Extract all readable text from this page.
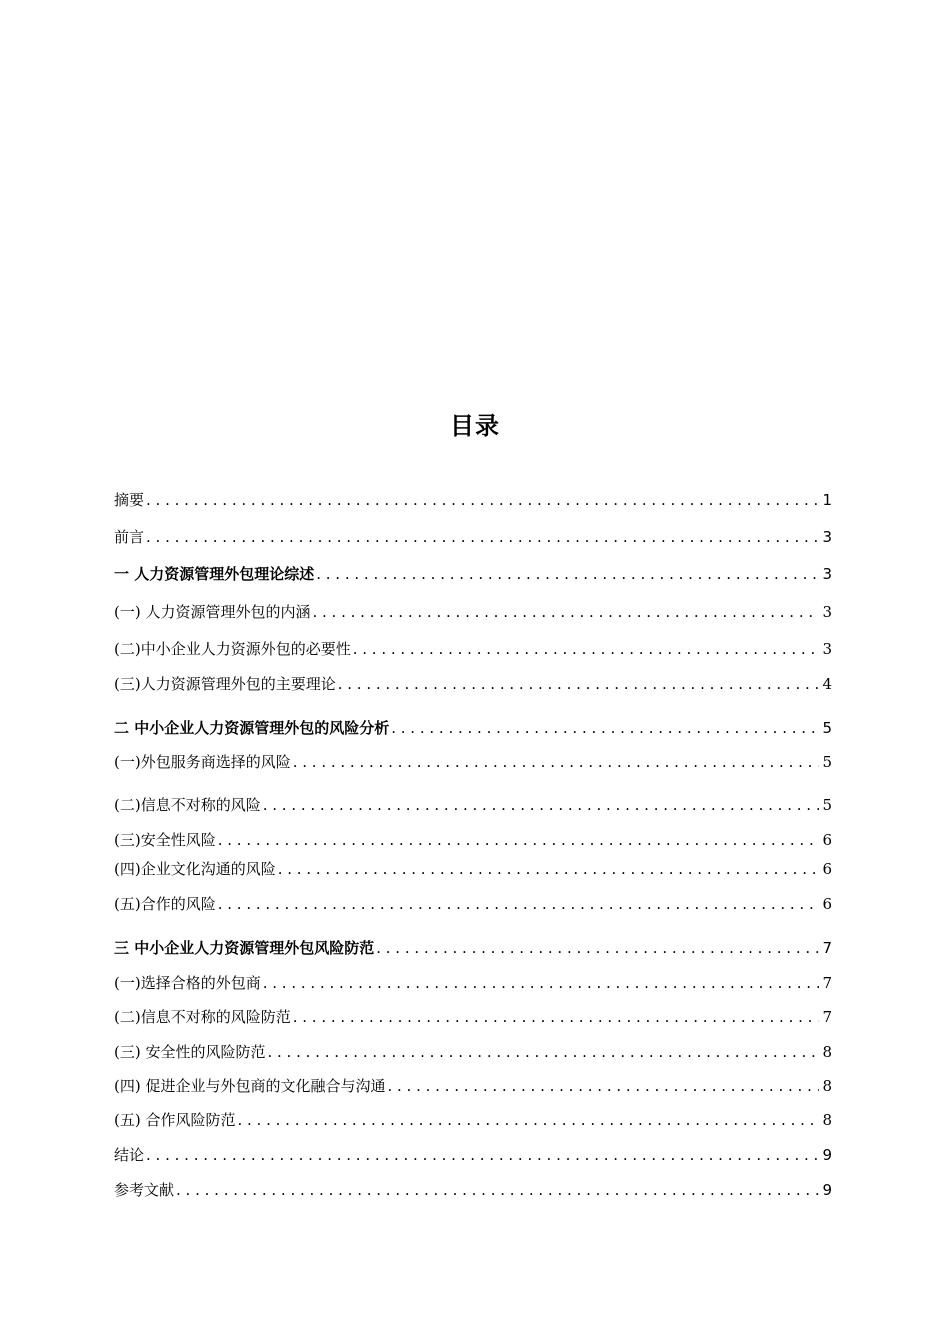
目录
摘要 . . .	1
前言 . . .	3
一 人力资源管理外包理论综述 . . .	3
(一) 人力资源管理外包的内涵 . . .	3
(二)中小企业人力资源外包的必要性 . . .	3
(三)人力资源管理外包的主要理论 . . .	4
二 中小企业人力资源管理外包的风险分析 . . .	5
(一)外包服务商选择的风险 . . .	5
(二)信息不对称的风险 . . .	5
(三)安全性风险 . . .	6
(四)企业文化沟通的风险 . . .	6
(五)合作的风险 . . .	6
三 中小企业人力资源管理外包风险防范 . . .	7
(一)选择合格的外包商 . . .	7
(二)信息不对称的风险防范 . . .	7
(三) 安全性的风险防范 . . .	8
(四) 促进企业与外包商的文化融合与沟通 . . .	8
(五) 合作风险防范 . . .	8
结论 . . .	9
参考文献 . . .	9
